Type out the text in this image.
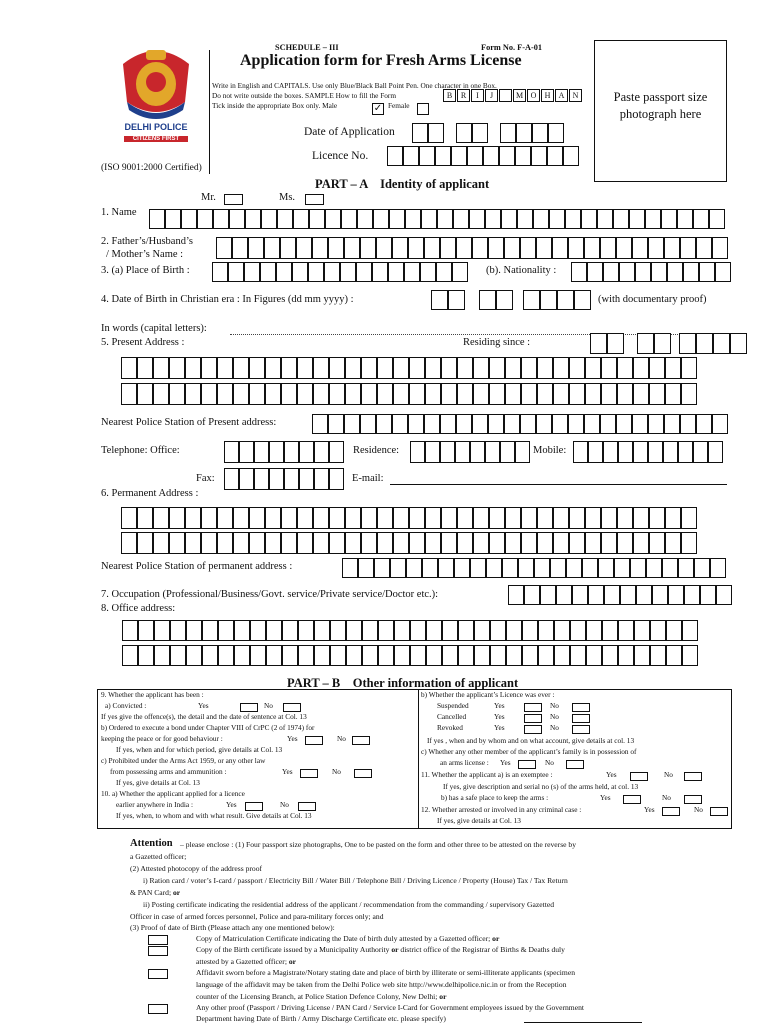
DELHI POLICE
CITIZENS FIRST
(ISO 9001:2000 Certified)
SCHEDULE – III	Form No. F-A-01
Application form for Fresh Arms License
Write in English and CAPITALS. Use only Blue/Black Ball Point Pen. One character in one Box.
Do not write outside the boxes. SAMPLE How to fill the Form
Tick inside the appropriate Box only. Male
B	R	I	J	M O	H	A	N
✓ Female
Date of Application
Licence No.
Paste passport size photograph here
PART – A    Identity of applicant
Mr.	Ms.
1. Name
2. Father’s/Husband’s
/ Mother’s Name :
3. (a) Place of Birth :	(b). Nationality :
4. Date of Birth in Christian era : In Figures (dd mm yyyy) :	(with documentary proof)
In words (capital letters):
5. Present Address :	Residing since :
Nearest Police Station of Present address:
Telephone: Office:	Residence:	Mobile:
Fax:	E-mail:
6. Permanent Address :
Nearest Police Station of permanent address :
7. Occupation (Professional/Business/Govt. service/Private service/Doctor etc.):
8. Office address:
PART – B    Other information of applicant
9. Whether the applicant has been :
a) Convicted :	Yes	No
If yes give the offence(s), the detail and the date of sentence at Col. 13
b) Ordered to execute a bond under Chapter VIII of CrPC (2 of 1974) for
keeping the peace or for good behaviour :	Yes	No
If yes, when and for which period, give details at Col. 13
c) Prohibited under the Arms Act 1959, or any other law
from possessing arms and ammunition :	Yes	No
If yes, give details at Col. 13
10. a) Whether the applicant applied for a licence
earlier anywhere in India :	Yes	No
If yes, when, to whom and with what result. Give details at Col. 13
b) Whether the applicant’s Licence was ever :
Suspended	Yes	No
Cancelled	Yes	No
Revoked	Yes	No
If yes , when and by whom and on what account, give details at col. 13
c) Whether any other member of the applicant’s family is in possession of
an arms license : Yes	No
11. Whether the applicant a) is an exemptee :	Yes	No
If yes, give description and serial no (s) of the arms held, at col. 13
b) has a safe place to keep the arms :	Yes	No
12. Whether arrested or involved in any criminal case :	Yes	No
If yes, give details at Col. 13
Attention – please enclose : (1) Four passport size photographs, One to be pasted on the form and other three to be attested on the reverse by
a Gazetted officer;
(2) Attested photocopy of the address proof
i) Ration card / voter’s I-card / passport / Electricity Bill / Water Bill / Telephone Bill / Driving Licence / Property (House) Tax / Tax Return
& PAN Card; or
ii) Posting certificate indicating the residential address of the applicant / recommendation from the commanding / supervisory Gazetted
Officer in case of armed forces personnel, Police and para-military forces only; and
(3) Proof of date of Birth (Please attach any one mentioned below):
Copy of Matriculation Certificate indicating the Date of birth duly attested by a Gazetted officer; or
Copy of the Birth certificate issued by a Municipality Authority or district office of the Registrar of Births & Deaths duly
attested by a Gazetted officer; or
Affidavit sworn before a Magistrate/Notary stating date and place of birth by illiterate or semi-illiterate applicants (specimen
language of the affidavit may be taken from the Delhi Police web site http://www.delhipolice.nic.in or from the Reception
counter of the Licensing Branch, at Police Station Defence Colony, New Delhi; or
Any other proof (Passport / Driving License / PAN Card / Service I-Card for Government employees issued by the Government
Department having Date of Birth / Army Discharge Certificate etc. please specify)
